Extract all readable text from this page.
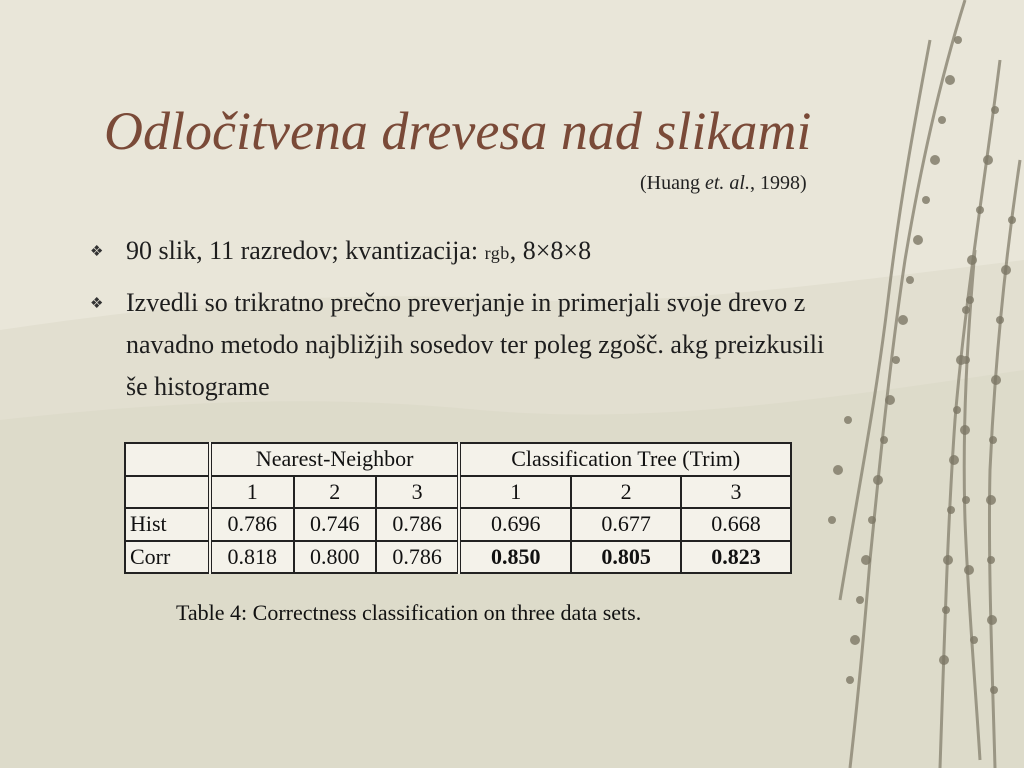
Odločitvena drevesa nad slikami
(Huang et. al., 1998)
❖ 90 slik, 11 razredov; kvantizacija: rgb, 8×8×8
❖ Izvedli so trikratno prečno preverjanje in primerjali svoje drevo z navadno metodo najbližjih sosedov ter poleg zgošč. akg preizkusili še histograme
	Nearest-Neighbor			Classification Tree (Trim)		
	1	2	3	1	2	3
Hist	0.786	0.746	0.786	0.696	0.677	0.668
Corr	0.818	0.800	0.786	0.850	0.805	0.823
Table 4: Correctness classification on three data sets.
